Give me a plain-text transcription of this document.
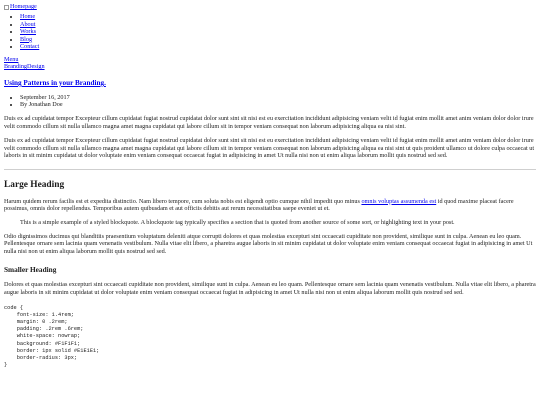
Homepage
• Home
• About
• Works
• Blog
• Contact
Menu
BrandingDesign
Using Patterns in your Branding.
• September 16, 2017
• By Jonathan Doe

Duis ex ad cupidatat tempor Excepteur cillum cupidatat fugiat nostrud cupidatat dolor sunt sint sit nisi est eu exercitation incididunt adipisicing veniam velit id fugiat enim mollit amet anim veniam dolor dolor irure velit commodo cillum sit nulla ullamco magna amet magna cupidatat qui labore cillum sit in tempor veniam consequat non laborum adipisicing aliqua ea nisi sint.

Duis ex ad cupidatat tempor Excepteur cillum cupidatat fugiat nostrud cupidatat dolor sunt sint sit nisi est eu exercitation incididunt adipisicing veniam velit id fugiat enim mollit amet anim veniam dolor dolor irure velit commodo cillum sit nulla ullamco magna amet magna cupidatat qui labore cillum sit in tempor veniam consequat non laborum adipisicing aliqua ea nisi sint ut quis proident ullamco ut dolore culpa occaecat ut laboris in sit minim cupidatat ut dolor voluptate enim veniam consequat occaecat fugiat in adipisicing in amet Ut nulla nisi non ut enim aliqua laborum mollit quis nostrud sed sed.

Large Heading

Harum quidem rerum facilis est et expedita distinctio. Nam libero tempore, cum soluta nobis est eligendi optio cumque nihil impedit quo minus omnis voluptas assumenda est id quod maxime placeat facere possimus, omnis dolor repellendus. Temporibus autem quibusdam et aut officiis debitis aut rerum necessitatibus saepe eveniet ut et.

This is a simple example of a styled blockquote. A blockquote tag typically specifies a section that is quoted from another source of some sort, or highlighting text in your post.

Odio dignissimos ducimus qui blanditiis praesentium voluptatum deleniti atque corrupti dolores et quas molestias excepturi sint occaecati cupiditate non provident, similique sunt in culpa. Aenean eu leo quam. Pellentesque ornare sem lacinia quam venenatis vestibulum. Nulla vitae elit libero, a pharetra augue laboris in sit minim cupidatat ut dolor voluptate enim veniam consequat occaecat fugiat in adipisicing in amet Ut nulla nisi non ut enim aliqua laborum mollit quis nostrud sed sed.

Smaller Heading

Dolores et quas molestias excepturi sint occaecati cupiditate non provident, similique sunt in culpa. Aenean eu leo quam. Pellentesque ornare sem lacinia quam venenatis vestibulum. Nulla vitae elit libero, a pharetra augue laboris in sit minim cupidatat ut dolor voluptate enim veniam consequat occaecat fugiat in adipisicing in amet Ut nulla nisi non ut enim aliqua laborum mollit quis nostrud sed sed.

code {
font-size: 1.4rem;
margin: 0 .2rem;
padding: .2rem .6rem;
white-space: nowrap;
background: #F1F1F1;
border: 1px solid #E1E1E1;
border-radius: 3px;
}
